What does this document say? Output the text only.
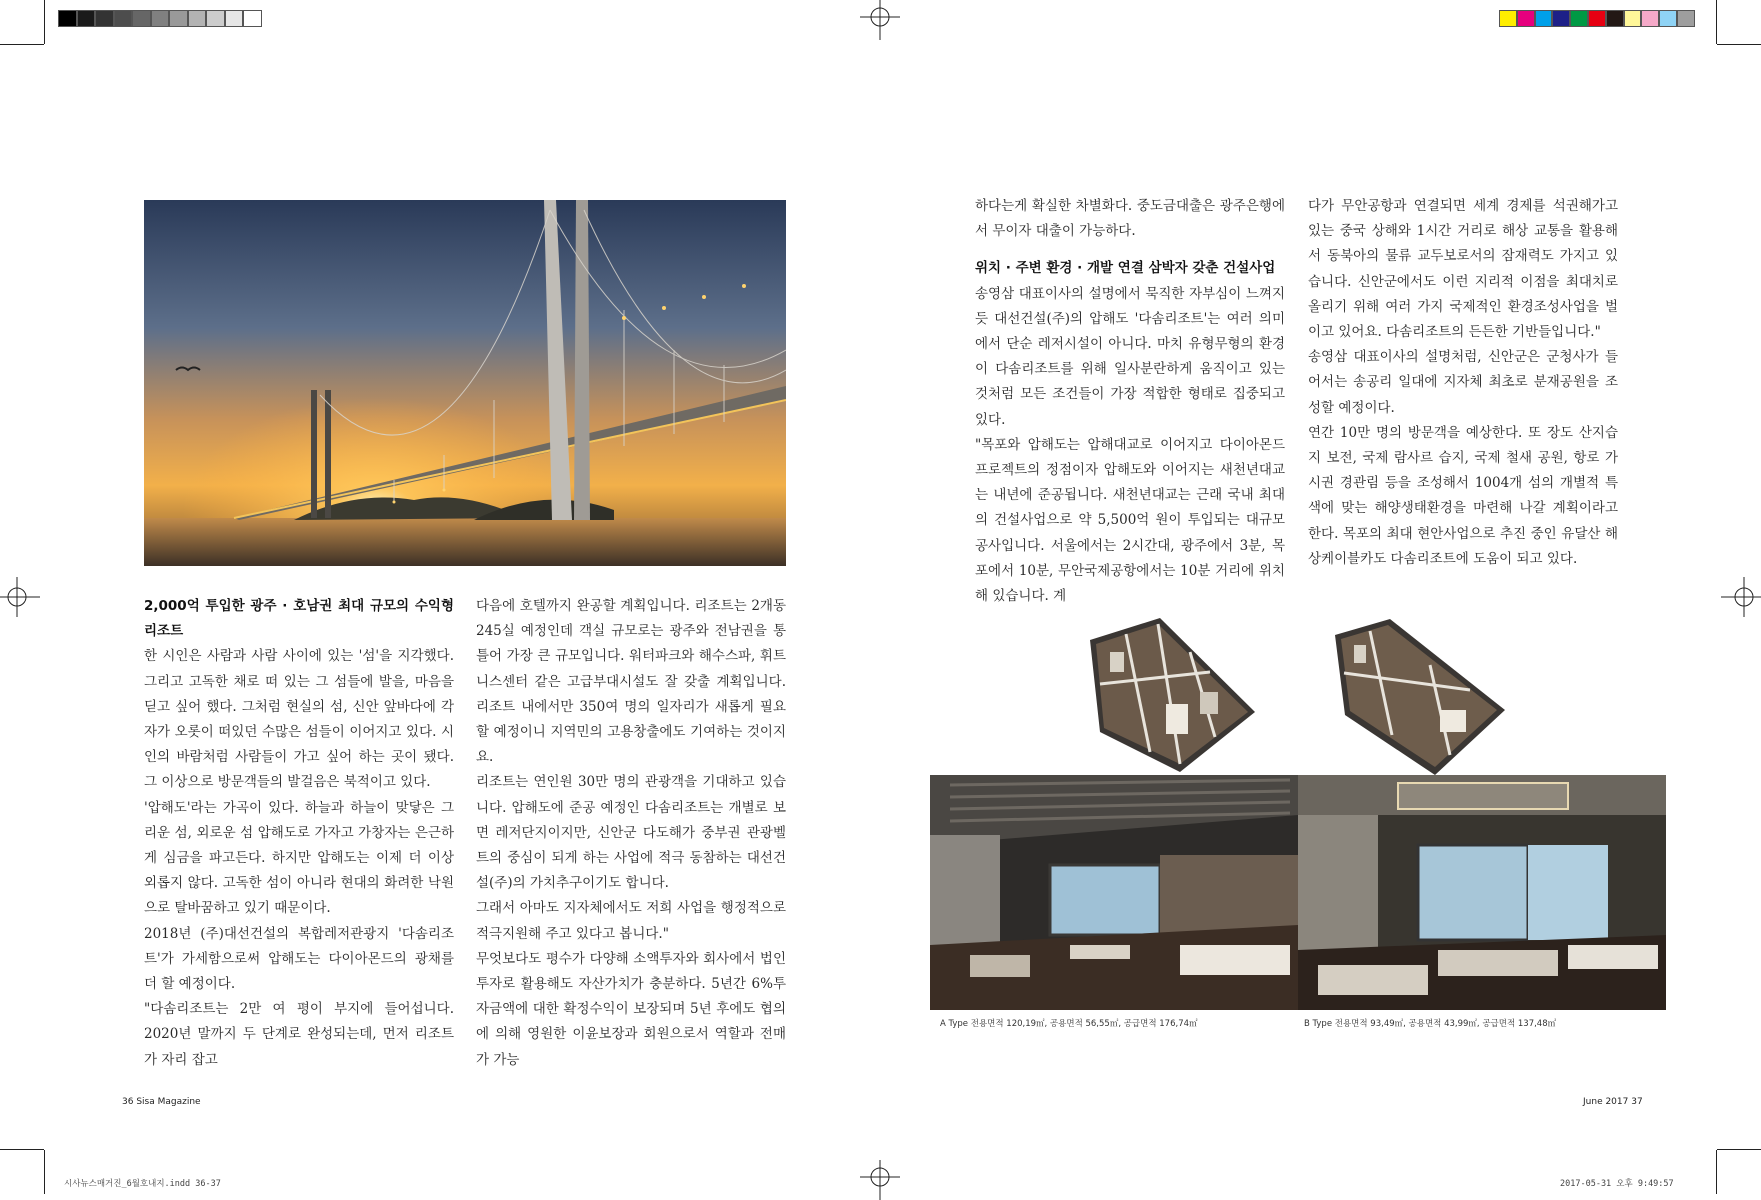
2,000억 투입한 광주 · 호남권 최대 규모의 수익형 리조트

한 시인은 사람과 사람 사이에 있는 '섬'을 지각했다. 그리고 고독한 채로 떠 있는 그 섬들에 발을, 마음을 딛고 싶어 했다. 그처럼 현실의 섬, 신안 앞바다에 각자가 오롯이 떠있던 수많은 섬들이 이어지고 있다. 시인의 바람처럼 사람들이 가고 싶어 하는 곳이 됐다. 그 이상으로 방문객들의 발걸음은 북적이고 있다.

'압해도'라는 가곡이 있다. 하늘과 하늘이 맞닿은 그리운 섬, 외로운 섬 압해도로 가자고 가창자는 은근하게 심금을 파고든다. 하지만 압해도는 이제 더 이상 외롭지 않다. 고독한 섬이 아니라 현대의 화려한 낙원으로 탈바꿈하고 있기 때문이다.

2018년 (주)대선건설의 복합레저관광지 '다솜리조트'가 가세함으로써 압해도는 다이아몬드의 광채를 더 할 예정이다.

"다솜리조트는 2만 여 평이 부지에 들어섭니다. 2020년 말까지 두 단계로 완성되는데, 먼저 리조트가 자리 잡고

다음에 호텔까지 완공할 계획입니다. 리조트는 2개동 245실 예정인데 객실 규모로는 광주와 전남권을 통틀어 가장 큰 규모입니다. 워터파크와 해수스파, 휘트니스센터 같은 고급부대시설도 잘 갖출 계획입니다. 리조트 내에서만 350여 명의 일자리가 새롭게 필요할 예정이니 지역민의 고용창출에도 기여하는 것이지요.

리조트는 연인원 30만 명의 관광객을 기대하고 있습니다. 압해도에 준공 예정인 다솜리조트는 개별로 보면 레저단지이지만, 신안군 다도해가 중부권 관광벨트의 중심이 되게 하는 사업에 적극 동참하는 대선건설(주)의 가치추구이기도 합니다.

그래서 아마도 지자체에서도 저희 사업을 행정적으로 적극지원해 주고 있다고 봅니다."

무엇보다도 평수가 다양해 소액투자와 회사에서 법인투자로 활용해도 자산가치가 충분하다. 5년간 6%투자금액에 대한 확정수익이 보장되며 5년 후에도 협의에 의해 영원한 이윤보장과 회원으로서 역할과 전매가 가능

36 Sisa Magazine

하다는게 확실한 차별화다. 중도금대출은 광주은행에서 무이자 대출이 가능하다.

위치 · 주변 환경 · 개발 연결 삼박자 갖춘 건설사업

송영삼 대표이사의 설명에서 묵직한 자부심이 느껴지듯 대선건설(주)의 압해도 '다솜리조트'는 여러 의미에서 단순 레저시설이 아니다. 마치 유형무형의 환경이 다솜리조트를 위해 일사분란하게 움직이고 있는 것처럼 모든 조건들이 가장 적합한 형태로 집중되고 있다.

"목포와 압해도는 압해대교로 이어지고 다이아몬드 프로젝트의 정점이자 압해도와 이어지는 새천년대교는 내년에 준공됩니다. 새천년대교는 근래 국내 최대의 건설사업으로 약 5,500억 원이 투입되는 대규모 공사입니다. 서울에서는 2시간대, 광주에서 3분, 목포에서 10분, 무안국제공항에서는 10분 거리에 위치해 있습니다. 계

다가 무안공항과 연결되면 세계 경제를 석권해가고 있는 중국 상해와 1시간 거리로 해상 교통을 활용해서 동북아의 물류 교두보로서의 잠재력도 가지고 있습니다. 신안군에서도 이런 지리적 이점을 최대치로 올리기 위해 여러 가지 국제적인 환경조성사업을 벌이고 있어요. 다솜리조트의 든든한 기반들입니다."

송영삼 대표이사의 설명처럼, 신안군은 군청사가 들어서는 송공리 일대에 지자체 최초로 분재공원을 조성할 예정이다.

연간 10만 명의 방문객을 예상한다. 또 장도 산지습지 보전, 국제 람사르 습지, 국제 철새 공원, 항로 가시권 경관림 등을 조성해서 1004개 섬의 개별적 특색에 맞는 해양생태환경을 마련해 나갈 계획이라고 한다. 목포의 최대 현안사업으로 추진 중인 유달산 해상케이블카도 다솜리조트에 도움이 되고 있다.

A Type 전용면적 120,19㎡, 공용면적 56,55㎡, 공급면적 176,74㎡	B Type 전용면적 93,49㎡, 공용면적 43,99㎡, 공급면적 137,48㎡
June 2017 37
시사뉴스매거진_6월호내지.indd 36-37	2017-05-31 오후 9:49:57
